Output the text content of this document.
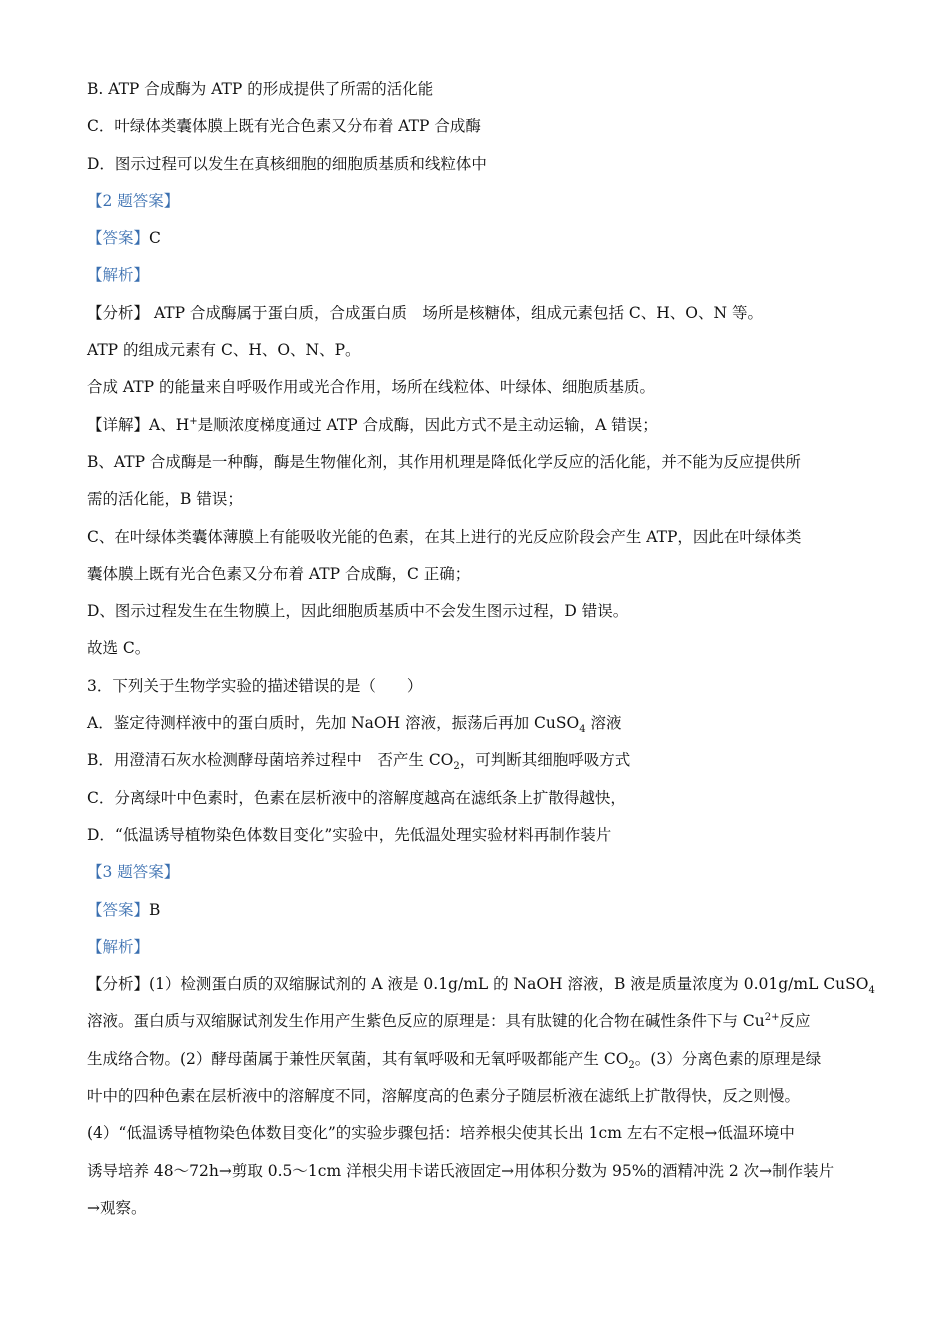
B. ATP 合成酶为 ATP 的形成提供了所需的活化能

C．叶绿体类囊体膜上既有光合色素又分布着 ATP 合成酶

D．图示过程可以发生在真核细胞的细胞质基质和线粒体中

【2 题答案】

【答案】C

【解析】

【分析】 ATP 合成酶属于蛋白质，合成蛋白质　场所是核糖体，组成元素包括 C、H、O、N 等。

ATP 的组成元素有 C、H、O、N、P。

合成 ATP 的能量来自呼吸作用或光合作用，场所在线粒体、叶绿体、细胞质基质。

【详解】A、H+是顺浓度梯度通过 ATP 合成酶，因此方式不是主动运输，A 错误；

B、ATP 合成酶是一种酶，酶是生物催化剂，其作用机理是降低化学反应的活化能，并不能为反应提供所

需的活化能，B 错误；

C、在叶绿体类囊体薄膜上有能吸收光能的色素，在其上进行的光反应阶段会产生 ATP，因此在叶绿体类

囊体膜上既有光合色素又分布着 ATP 合成酶，C 正确；

D、图示过程发生在生物膜上，因此细胞质基质中不会发生图示过程，D 错误。

故选 C。

3．下列关于生物学实验的描述错误的是（　　）

A．鉴定待测样液中的蛋白质时，先加 NaOH 溶液，振荡后再加 CuSO$_4$ 溶液

B．用澄清石灰水检测酵母菌培养过程中　否产生 $CO_2$，可判断其细胞呼吸方式

C．分离绿叶中色素时，色素在层析液中的溶解度越高在滤纸条上扩散得越快，

D．“低温诱导植物染色体数目变化”实验中，先低温处理实验材料再制作装片

【3 题答案】

【答案】B

【解析】

【分析】(1）检测蛋白质的双缩脲试剂的 A 液是 0.1g/mL 的 NaOH 溶液，B 液是质量浓度为 0.01g/mL CuSO$_4$

溶液。蛋白质与双缩脲试剂发生作用产生紫色反应的原理是：具有肽键的化合物在碱性条件下与 $Cu^{2+}$反应

生成络合物。(2）酵母菌属于兼性厌氧菌，其有氧呼吸和无氧呼吸都能产生 $CO_2$。(3）分离色素的原理是绿

叶中的四种色素在层析液中的溶解度不同，溶解度高的色素分子随层析液在滤纸上扩散得快，反之则慢。

(4）“低温诱导植物染色体数目变化”的实验步骤包括：培养根尖使其长出 1cm 左右不定根→低温环境中

诱导培养 48～72h→剪取 0.5～1cm 洋根尖用卡诺氏液固定→用体积分数为 95%的酒精冲洗 2 次→制作装片

→观察。
